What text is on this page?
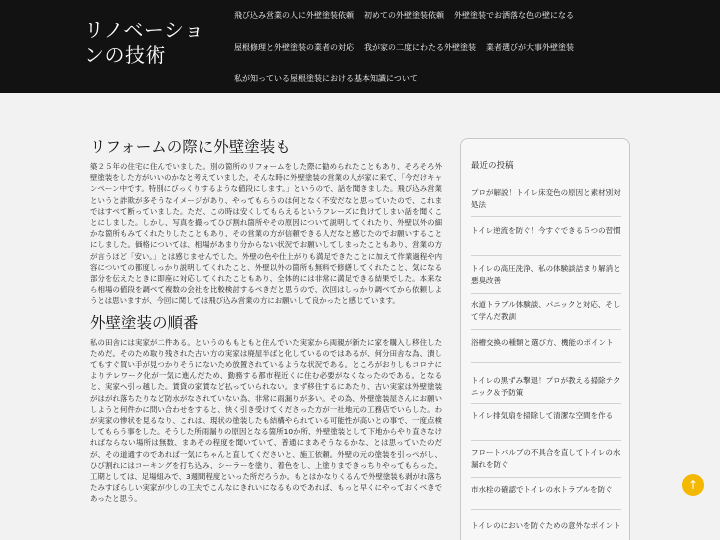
リノベーションの技術
飛び込み営業の人に外壁塗装依頼 初めての外壁塗装依頼 外壁塗装でお洒落な色の壁になる
屋根修理と外壁塗装の業者の対応 我が家の二度にわたる外壁塗装 業者選びが大事外壁塗装
私が知っている屋根塗装における基本知識について
リフォームの際に外壁塗装も

築２５年の住宅に住んでいました。別の箇所のリフォームをした際に勧められたこともあり、そろそろ外壁塗装をした方がいいのかなと考えていました。そんな時に外壁塗装の営業の人が家に来て、「今だけキャンペーン中です。特別にびっくりするような値段にします。」というので、話を聞きました。飛び込み営業というと詐欺が多そうなイメージがあり、やってもらうのは何となく不安だなと思っていたので、これまではすべて断っていました。ただ、この時は安くしてもらえるというフレーズに負けてしまい話を聞くことにしました。しかし、写真を撮ってひび割れ箇所やその原因について説明してくれたり、外壁以外の細かな箇所もみてくれたりしたこともあり、その営業の方が信頼できる人だなと感じたのでお願いすることにしました。価格については、相場があまり分からない状況でお願いしてしまったこともあり、営業の方が言うほど「安い。」とは感じませんでした。外壁の色や仕上がりも満足できたことに加えて作業過程や内容についての都度しっかり説明してくれたこと、外壁以外の箇所も無料で修繕してくれたこと、気になる部分を伝えたときに即座に対応してくれたこともあり、全体的には非常に満足できる結果でした。本来なら相場の値段を調べて複数の会社を比較検討するべきだと思うので、次回はしっかり調べてから依頼しようとは思いますが、今回に関しては飛び込み営業の方にお願いして良かったと感じています。

外壁塗装の順番

私の田舎には実家が二件ある。というのももともと住んでいた実家から両親が新たに家を購入し移住したためだ。そのため取り残された古い方の実家は廃屋半ばと化しているのではあるが、何分田舎な為、潰してもすぐ買い手が見つかりそうにないため放置されているような状況である。ところがおりしもコロナによりテレワーク化が一気に進んだため、勤務する都市程近くに住む必要がなくなったのである。となると、実家へ引っ越した。賃貸の家賃など払っていられない。まず移住するにあたり、古い実家は外壁塗装がはがれ落ちたりなど防水がなされていない為、非常に雨漏りが多い。その為、外壁塗装屋さんにお願いしようと何件かに問い合わせをすると、快く引き受けてくださった方が一社地元の工務店でいらした。わが実家の惨状を見るなり、これは、現状の塗装したも結構やられている可能性が高いとの事で、一度点検してもらう事をした。そうした所雨漏りの原因となる箇所10か所、外壁塗装として下地からやり直さなければならない場所は無数、まあその程度を聞いていて、普通にまあそうなるかな、とは思っていたのだが、その道通すのであれば一気にちゃんと直してくださいと、施工依頼。外壁の元の塗装を引っぺがし、ひび割れにはコーキングを打ち込み、シーラーを塗り、着色をし、上塗りまできっちりやってもらった。工期としては、足場組みで、3週間程度といった所だろうか。もとはかなりくるんで外壁塗装も剥がれ落ちたみすぼらしい実家が少しの工夫でこんなにきれいになるものであれば、もっと早くにやっておくべきであったと思う。

最近の投稿
プロが解説！トイレ床変色の原因と素材別対処法
トイレ逆流を防ぐ！今すぐできる５つの習慣
トイレの高圧洗浄、私の体験談詰まり解消と悪臭改善
水道トラブル体験談、パニックと対応、そして学んだ教訓
浴槽交換の種類と選び方、機能のポイント
トイレの黒ずみ撃退！プロが教える掃除テクニック＆予防策
トイレ排気扇を掃除して清潔な空間を作る
フロートバルブの不具合を直してトイレの水漏れを防ぐ
市水栓の確認でトイレの水トラブルを防ぐ
トイレのにおいを防ぐための意外なポイント
↑
